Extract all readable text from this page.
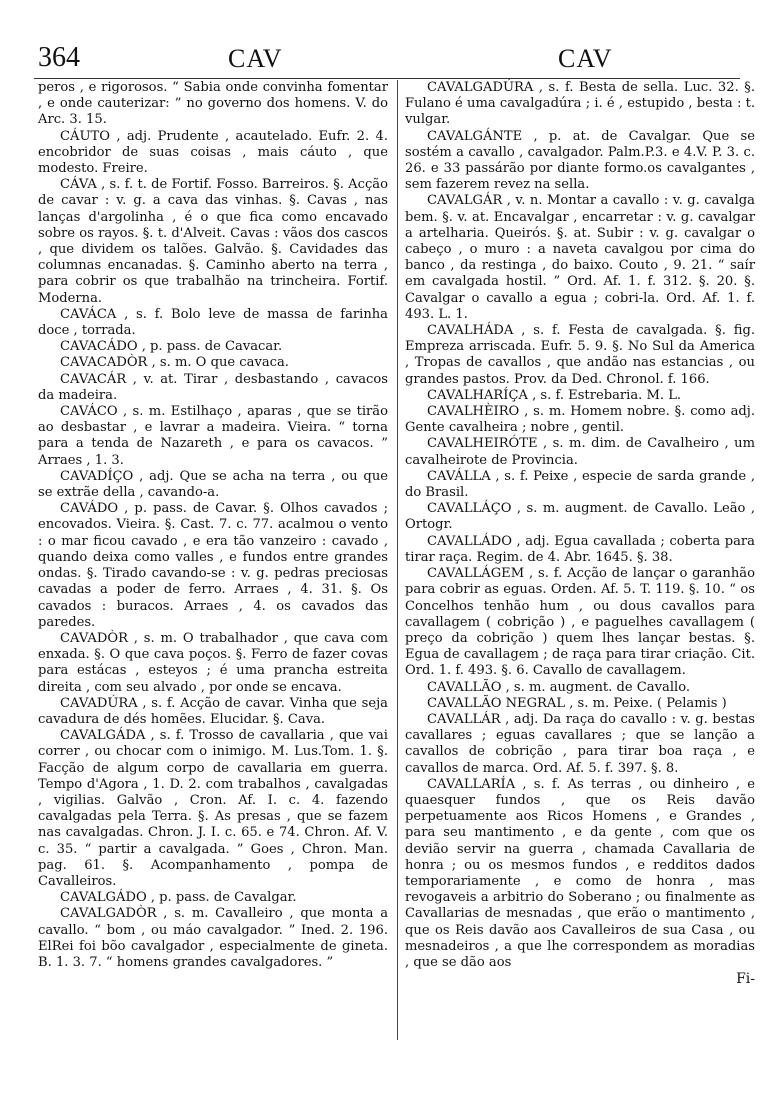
364	CAV	CAV

peros , e rigorosos. “ Sabia onde convinha fomentar , e onde cauterizar: ” no governo dos homens. V. do Arc. 3. 15.

CÁUTO , adj. Prudente , acautelado. Eufr. 2. 4. encobridor de suas coisas , mais cáuto , que modesto. Freire.

CÁVA , s. f. t. de Fortif. Fosso. Barreiros. §. Acção de cavar : v. g. a cava das vinhas. §. Cavas , nas lanças d'argolinha , é o que fica como encavado sobre os rayos. §. t. d'Alveit. Cavas : vãos dos cascos , que dividem os talões. Galvão. §. Cavidades das columnas encanadas. §. Caminho aberto na terra , para cobrir os que trabalhão na trincheira. Fortif. Moderna.

CAVÁCA , s. f. Bolo leve de massa de farinha doce , torrada.

CAVACÁDO , p. pass. de Cavacar.

CAVACADÒR , s. m. O que cavaca.

CAVACÁR , v. at. Tirar , desbastando , cavacos da madeira.

CAVÁCO , s. m. Estilhaço , aparas , que se tirão ao desbastar , e lavrar a madeira. Vieira. “ torna para a tenda de Nazareth , e para os cavacos. ” Arraes , 1. 3.

CAVADÍÇO , adj. Que se acha na terra , ou que se extrãe della , cavando-a.

CAVÁDO , p. pass. de Cavar. §. Olhos cavados ; encovados. Vieira. §. Cast. 7. c. 77. acalmou o vento : o mar ficou cavado , e era tão vanzeiro : cavado , quando deixa como valles , e fundos entre grandes ondas. §. Tirado cavando-se : v. g. pedras preciosas cavadas a poder de ferro. Arraes , 4. 31. §. Os cavados : buracos. Arraes , 4. os cavados das paredes.

CAVADÒR , s. m. O trabalhador , que cava com enxada. §. O que cava poços. §. Ferro de fazer covas para estácas , esteyos ; é uma prancha estreita direita , com seu alvado , por onde se encava.

CAVADÚRA , s. f. Acção de cavar. Vinha que seja cavadura de dés homẽes. Elucidar. §. Cava.

CAVALGÁDA , s. f. Trosso de cavallaria , que vai correr , ou chocar com o inimigo. M. Lus.Tom. 1. §. Facção de algum corpo de cavallaria em guerra. Tempo d'Agora , 1. D. 2. com trabalhos , cavalgadas , vigilias. Galvão , Cron. Af. I. c. 4. fazendo cavalgadas pela Terra. §. As presas , que se fazem nas cavalgadas. Chron. J. I. c. 65. e 74. Chron. Af. V. c. 35. “ partir a cavalgada. ” Goes , Chron. Man. pag. 61. §. Acompanhamento , pompa de Cavalleiros.

CAVALGÁDO , p. pass. de Cavalgar.

CAVALGADÒR , s. m. Cavalleiro , que monta a cavallo. “ bom , ou máo cavalgador. ” Ined. 2. 196. ElRei foi bõo cavalgador , especialmente de gineta. B. 1. 3. 7. “ homens grandes cavalgadores. ”

CAVALGADÚRA , s. f. Besta de sella. Luc. 32. §. Fulano é uma cavalgadúra ; i. é , estupido , besta : t. vulgar.

CAVALGÁNTE , p. at. de Cavalgar. Que se sostém a cavallo , cavalgador. Palm.P.3. e 4.V. P. 3. c. 26. e 33 passárão por diante formo.os cavalgantes , sem fazerem revez na sella.

CAVALGÁR , v. n. Montar a cavallo : v. g. cavalga bem. §. v. at. Encavalgar , encarretar : v. g. cavalgar a artelharia. Queirós. §. at. Subir : v. g. cavalgar o cabeço , o muro : a naveta cavalgou por cima do banco , da restinga , do baixo. Couto , 9. 21. “ saír em cavalgada hostil. ” Ord. Af. 1. f. 312. §. 20. §. Cavalgar o cavallo a egua ; cobri-la. Ord. Af. 1. f. 493. L. 1.

CAVALHÁDA , s. f. Festa de cavalgada. §. fig. Empreza arriscada. Eufr. 5. 9. §. No Sul da America , Tropas de cavallos , que andão nas estancias , ou grandes pastos. Prov. da Ded. Chronol. f. 166.

CAVALHARÍÇA , s. f. Estrebaria. M. L.

CAVALHÈIRO , s. m. Homem nobre. §. como adj. Gente cavalheira ; nobre , gentil.

CAVALHEIRÓTE , s. m. dim. de Cavalheiro , um cavalheirote de Provincia.

CAVÁLLA , s. f. Peixe , especie de sarda grande , do Brasil.

CAVALLÁÇO , s. m. augment. de Cavallo. Leão , Ortogr.

CAVALLÁDO , adj. Egua cavallada ; coberta para tirar raça. Regim. de 4. Abr. 1645. §. 38.

CAVALLÁGEM , s. f. Acção de lançar o garanhão para cobrir as eguas. Orden. Af. 5. T. 119. §. 10. “ os Concelhos tenhão hum , ou dous cavallos para cavallagem ( cobrição ) , e paguelhes cavallagem ( preço da cobrição ) quem lhes lançar bestas. §. Egua de cavallagem ; de raça para tirar criação. Cit. Ord. 1. f. 493. §. 6. Cavallo de cavallagem.

CAVALLÃO , s. m. augment. de Cavallo.

CAVALLÃO NEGRAL , s. m. Peixe. ( Pelamis )

CAVALLÁR , adj. Da raça do cavallo : v. g. bestas cavallares ; eguas cavallares ; que se lanção a cavallos de cobrição , para tirar boa raça , e cavallos de marca. Ord. Af. 5. f. 397. §. 8.

CAVALLARÍA , s. f. As terras , ou dinheiro , e quaesquer fundos , que os Reis davão perpetuamente aos Ricos Homens , e Grandes , para seu mantimento , e da gente , com que os devião servir na guerra , chamada Cavallaria de honra ; ou os mesmos fundos , e redditos dados temporariamente , e como de honra , mas revogaveis a arbitrio do Soberano ; ou finalmente as Cavallarias de mesnadas , que erão o mantimento , que os Reis davão aos Cavalleiros de sua Casa , ou mesnadeiros , a que lhe correspondem as moradias , que se dão aos

Fi-
